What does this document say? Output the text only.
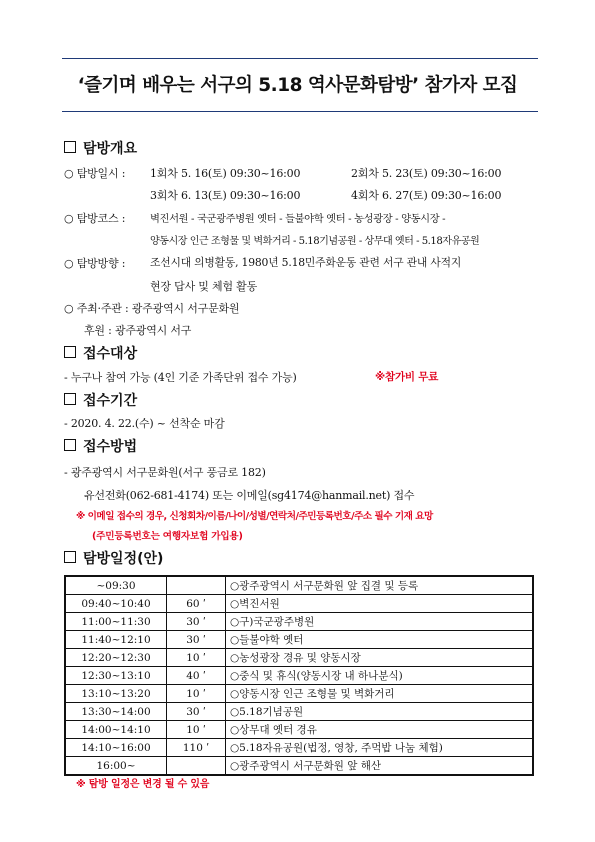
‘즐기며 배우는 서구의 5.18 역사문화탐방’ 참가자 모집
탐방개요
○ 탐방일시 : 1회차 5. 16(토) 09:30~16:00	2회차 5. 23(토) 09:30~16:00
3회차 6. 13(토) 09:30~16:00	4회차 6. 27(토) 09:30~16:00
○ 탐방코스 : 벽진서원 - 국군광주병원 옛터 - 들불야학 옛터 - 농성광장 - 양동시장 -
양동시장 인근 조형물 및 벽화거리 - 5.18기념공원 - 상무대 옛터 - 5.18자유공원
○ 탐방방향 : 조선시대 의병활동, 1980년 5.18민주화운동 관련 서구 관내 사적지
현장 답사 및 체험 활동
○ 주최·주관 : 광주광역시 서구문화원
후원 : 광주광역시 서구
접수대상
- 누구나 참여 가능 (4인 기준 가족단위 접수 가능)	※참가비 무료
접수기간
- 2020. 4. 22.(수) ~ 선착순 마감
접수방법
- 광주광역시 서구문화원(서구 풍금로 182)
유선전화(062-681-4174) 또는 이메일(sg4174@hanmail.net) 접수
※ 이메일 접수의 경우, 신청회차/이름/나이/성별/연락처/주민등록번호/주소 필수 기재 요망
(주민등록번호는 여행자보험 가입용)
탐방일정(안)
~09:30		○광주광역시 서구문화원 앞 집결 및 등록
09:40~10:40	60 ʹ	○벽진서원
11:00~11:30	30 ʹ	○구)국군광주병원
11:40~12:10	30 ʹ	○들불야학 옛터
12:20~12:30	10 ʹ	○농성광장 경유 및 양동시장
12:30~13:10	40 ʹ	○중식 및 휴식(양동시장 내 하나분식)
13:10~13:20	10 ʹ	○양동시장 인근 조형물 및 벽화거리
13:30~14:00	30 ʹ	○5.18기념공원
14:00~14:10	10 ʹ	○상무대 옛터 경유
14:10~16:00	110 ʹ	○5.18자유공원(법정, 영창, 주먹밥 나눔 체험)
16:00~		○광주광역시 서구문화원 앞 해산
※ 탐방 일정은 변경 될 수 있음
